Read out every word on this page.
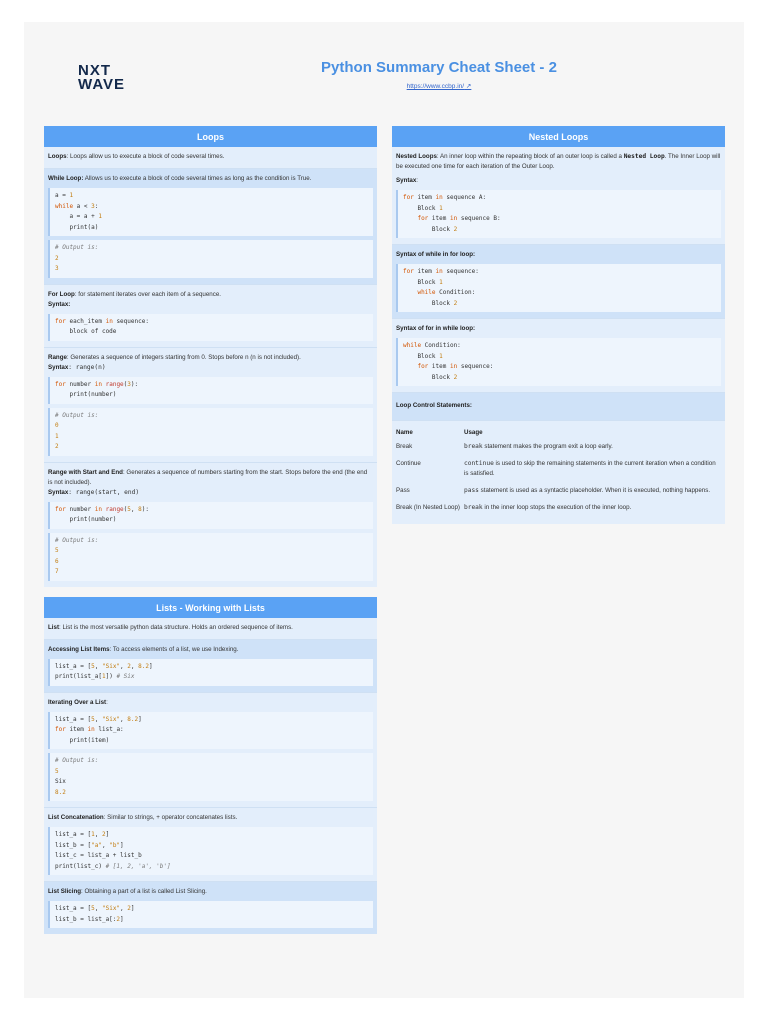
NXT
WAVE
Python Summary Cheat Sheet - 2
https://www.ccbp.in/ ↗
Loops
Loops: Loops allow us to execute a block of code several times.
While Loop: Allows us to execute a block of code several times as long as the condition is True.
a = 1
while a < 3:
a = a + 1
print(a)
# Output is:
2
3
For Loop: for statement iterates over each item of a sequence.
Syntax:
for each_item in sequence:
block of code
Range: Generates a sequence of integers starting from 0. Stops before n (n is not included).
Syntax: range(n)
for number in range(3):
print(number)
# Output is:
0
1
2
Range with Start and End: Generates a sequence of numbers starting from the start. Stops before the end (the end is not included).
Syntax: range(start, end)
for number in range(5, 8):
print(number)
# Output is:
5
6
7
Lists - Working with Lists
List: List is the most versatile python data structure. Holds an ordered sequence of items.
Accessing List Items: To access elements of a list, we use Indexing.
list_a = [5, "Six", 2, 8.2]
print(list_a[1]) # Six
Iterating Over a List:
list_a = [5, "Six", 8.2]
for item in list_a:
print(item)
# Output is:
5
Six
8.2
List Concatenation: Similar to strings, + operator concatenates lists.
list_a = [1, 2]
list_b = ["a", "b"]
list_c = list_a + list_b
print(list_c) # [1, 2, 'a', 'b']
List Slicing: Obtaining a part of a list is called List Slicing.
list_a = [5, "Six", 2]
list_b = list_a[:2]
Nested Loops
Nested Loops: An inner loop within the repeating block of an outer loop is called a Nested Loop. The Inner Loop will be executed one time for each iteration of the Outer Loop.
Syntax:
for item in sequence A:
Block 1
for item in sequence B:
Block 2
Syntax of while in for loop:
for item in sequence:
Block 1
while Condition:
Block 2
Syntax of for in while loop:
while Condition:
Block 1
for item in sequence:
Block 2
Loop Control Statements:
Name	Usage
Break	break statement makes the program exit a loop early.
Continue	continue is used to skip the remaining statements in the current iteration when a condition is satisfied.
Pass	pass statement is used as a syntactic placeholder. When it is executed, nothing happens.
Break (In Nested Loop)	break in the inner loop stops the execution of the inner loop.
